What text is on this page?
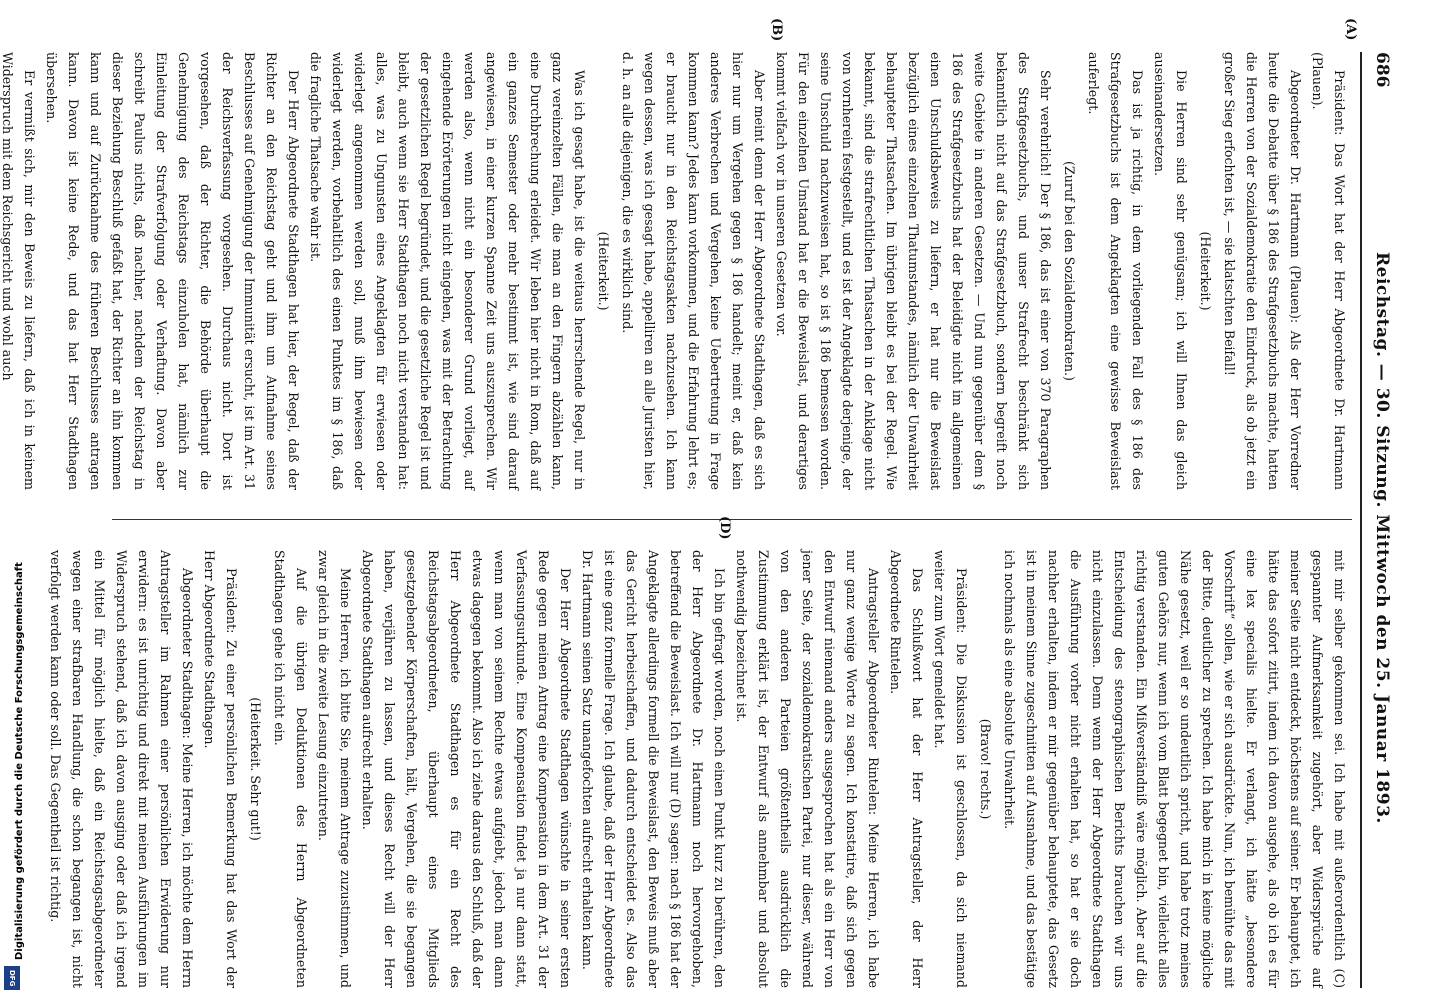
Digitalisierung gefördert durch die Deutsche Forschungsgemeinschaft
DFG
686
Reichstag. — 30. Sitzung. Mittwoch den 25. Januar 1893.
(A)
(B)

Präsident: Das Wort hat der Herr Abgeordnete Dr. Hartmann (Plauen).

Abgeordneter Dr. Hartmann (Plauen): Als der Herr Vorredner heute die Debatte über § 186 des Strafgesetzbuchs machte, hatten die Herren von der Sozialdemokratie den Eindruck, als ob jetzt ein großer Sieg erfochten ist, — sie klatschten Beifall!

(Heiterkeit.)

Die Herren sind sehr genügsam; ich will Ihnen das gleich auseinandersetzen.

Das ist ja richtig, in dem vorliegenden Fall des § 186 des Strafgesetzbuchs ist dem Angeklagten eine gewisse Beweislast auferlegt.

(Zuruf bei den Sozialdemokraten.)

Sehr verehrlich! Der § 186, das ist einer von 370 Paragraphen des Strafgesetzbuchs, und unser Strafrecht beschränkt sich bekanntlich nicht auf das Strafgesetzbuch, sondern begreift noch weite Gebiete in anderen Gesetzen. — Und nun gegenüber dem § 186 des Strafgesetzbuchs hat der Beleidigte nicht im allgemeinen einen Unschuldsbeweis zu liefern, er hat nur die Beweislast bezüglich eines einzelnen Thatumstandes, nämlich der Unwahrheit behaupteter Thatsachen. Im übrigen bleibt es bei der Regel. Wie bekannt, sind die strafrechtlichen Thatsachen in der Anklage nicht von vornherein festgestellt, und es ist der Angeklagte derjenige, der seine Unschuld nachzuweisen hat, so ist § 186 bemessen worden. Für den einzelnen Umstand hat er die Beweislast, und derartiges kommt vielfach vor in unseren Gesetzen vor.

Aber meint denn der Herr Abgeordnete Stadthagen, daß es sich hier nur um Vergehen gegen § 186 handelt; meint er, daß kein anderes Verbrechen und Vergehen, keine Uebertretung in Frage kommen kann? Jedes kann vorkommen, und die Erfahrung lehrt es; er braucht nur in den Reichstagsakten nachzusehen. Ich kann wegen dessen, was ich gesagt habe, appelliren an alle Juristen hier, d. h. an alle diejenigen, die es wirklich sind.

(Heiterkeit.)

Was ich gesagt habe, ist die weitaus herrschende Regel, nur in ganz vereinzelten Fällen, die man an den Fingern abzählen kann, eine Durchbrechung erleidet. Wir leben hier nicht in Rom, daß auf ein ganzes Semester oder mehr bestimmt ist, wie sind darauf angewiesen, in einer kurzen Spanne Zeit uns auszusprechen. Wir werden also, wenn nicht ein besonderer Grund vorliegt, auf eingehende Erörterungen nicht eingehen, was mit der Betrachtung der gesetzlichen Regel begründet, und die gesetzliche Regel ist und bleibt, auch wenn sie Herr Stadthagen noch nicht verstanden hat: alles, was zu Ungunsten eines Angeklagten für erwiesen oder widerlegt angenommen werden soll, muß ihm bewiesen oder widerlegt werden, vorbehaltlich des einen Punktes im § 186, daß die fragliche Thatsache wahr ist.

Der Herr Abgeordnete Stadthagen hat hier, der Regel, daß der Richter an den Reichstag geht und ihm um Aufnahme seines Beschlusses auf Genehmigung der Immunität ersucht, ist im Art. 31 der Reichsverfassung vorgesehen. Durchaus nicht. Dort ist vorgesehen, daß der Richter, die Behörde überhaupt die Genehmigung des Reichstags einzuholen hat, nämlich zur Einleitung der Strafverfolgung oder Verhaftung. Davon aber schreibt Paulus nichts, daß nachher, nachdem der Reichstag in dieser Beziehung Beschluß gefaßt hat, der Richter an ihn kommen kann und auf Zurücknahme des früheren Beschlusses antragen kann. Davon ist keine Rede, und das hat Herr Stadthagen übersehen.

Er vermißt sich, mir den Beweis zu liefern, daß ich in keinem Widerspruch mit dem Reichsgericht und wohl auch

(D)

mit mir selber gekommen sei. Ich habe mit außerordentlich (C) gespannter Aufmerksamkeit zugehört, aber Widersprüche auf meiner Seite nicht entdeckt, höchstens auf seiner. Er behauptet, ich hätte das sofort zitirt, indem ich davon ausgehe, als ob ich es für eine lex specialis hielte. Er verlangt, ich hätte „besondere Vorschrift“ sollen, wie er sich ausdrückte. Nun, ich bemühte das mit der Bitte, deutlicher zu sprechen. Ich habe mich in keine mögliche Nähe gesetzt, weil er so undeutlich spricht, und habe trotz meines guten Gehörs nur, wenn ich vom Blatt begegnet bin, vielleicht alles richtig verstanden. Ein Mißverständniß wäre möglich. Aber auf die Entscheidung des stenographischen Berichts brauchen wir uns nicht einzulassen. Denn wenn der Herr Abgeordnete Stadthagen die Ausführung vorher nicht erhalten hat, so hat er sie doch nachher erhalten, indem er mir gegenüber behauptete, das Gesetz ist in meinem Sinne zugeschnitten auf Ausnahme, und das bestätige ich nochmals als eine absolute Unwahrheit.

(Bravo! rechts.)

Präsident: Die Diskussion ist geschlossen, da sich niemand weiter zum Wort gemeldet hat.

Das Schlußwort hat der Herr Antragsteller, der Herr Abgeordnete Rintelen.

Antragsteller Abgeordneter Rintelen: Meine Herren, ich habe nur ganz wenige Worte zu sagen. Ich konstatire, daß sich gegen den Entwurf niemand anders ausgesprochen hat als ein Herr von jener Seite, der sozialdemokratischen Partei, nur dieser, während von den anderen Parteien größtentheils ausdrücklich die Zustimmung erklärt ist, der Entwurf als annehmbar und absolut nothwendig bezeichnet ist.

Ich bin gefragt worden, noch einen Punkt kurz zu berühren, den der Herr Abgeordnete Dr. Hartmann noch hervorgehoben, betreffend die Beweislast. Ich will nur (D) sagen: nach § 186 hat der Angeklagte allerdings formell die Beweislast, den Beweis muß aber das Gericht herbeischaffen, und dadurch entscheidet es. Also das ist eine ganz formelle Frage. Ich glaube, daß der Herr Abgeordnete Dr. Hartmann seinen Satz unangefochten aufrecht erhalten kann.

Der Herr Abgeordnete Stadthagen wünschte in seiner ersten Rede gegen meinen Antrag eine Kompensation in dem Art. 31 der Verfassungsurkunde. Eine Kompensation findet ja nur dann statt, wenn man von seinem Rechte etwas aufgiebt, jedoch man dann etwas dagegen bekommt. Also ich ziehe daraus den Schluß, daß der Herr Abgeordnete Stadthagen es für ein Recht des Reichstagsabgeordneten, überhaupt eines Mitglieds gesetzgebender Körperschaften, hält, Vergehen, die sie begangen haben, verjähren zu lassen, und dieses Recht will der Herr Abgeordnete Stadthagen aufrecht erhalten.

Meine Herren, ich bitte Sie, meinem Antrage zuzustimmen, und zwar gleich in die zweite Lesung einzutreten.

Auf die übrigen Deduktionen des Herrn Abgeordneten Stadthagen gehe ich nicht ein.

(Heiterkeit. Sehr gut!)

Präsident: Zu einer persönlichen Bemerkung hat das Wort der Herr Abgeordnete Stadthagen.

Abgeordneter Stadthagen: Meine Herren, ich möchte dem Herrn Antragsteller im Rahmen einer persönlichen Erwiderung nur erwidern: es ist unrichtig und direkt mit meinen Ausführungen im Widerspruch stehend, daß ich davon ausging oder daß ich irgend ein Mittel für möglich hielte, daß ein Reichstagsabgeordneter wegen einer strafbaren Handlung, die schon begangen ist, nicht verfolgt werden kann oder soll. Das Gegentheil ist richtig.
